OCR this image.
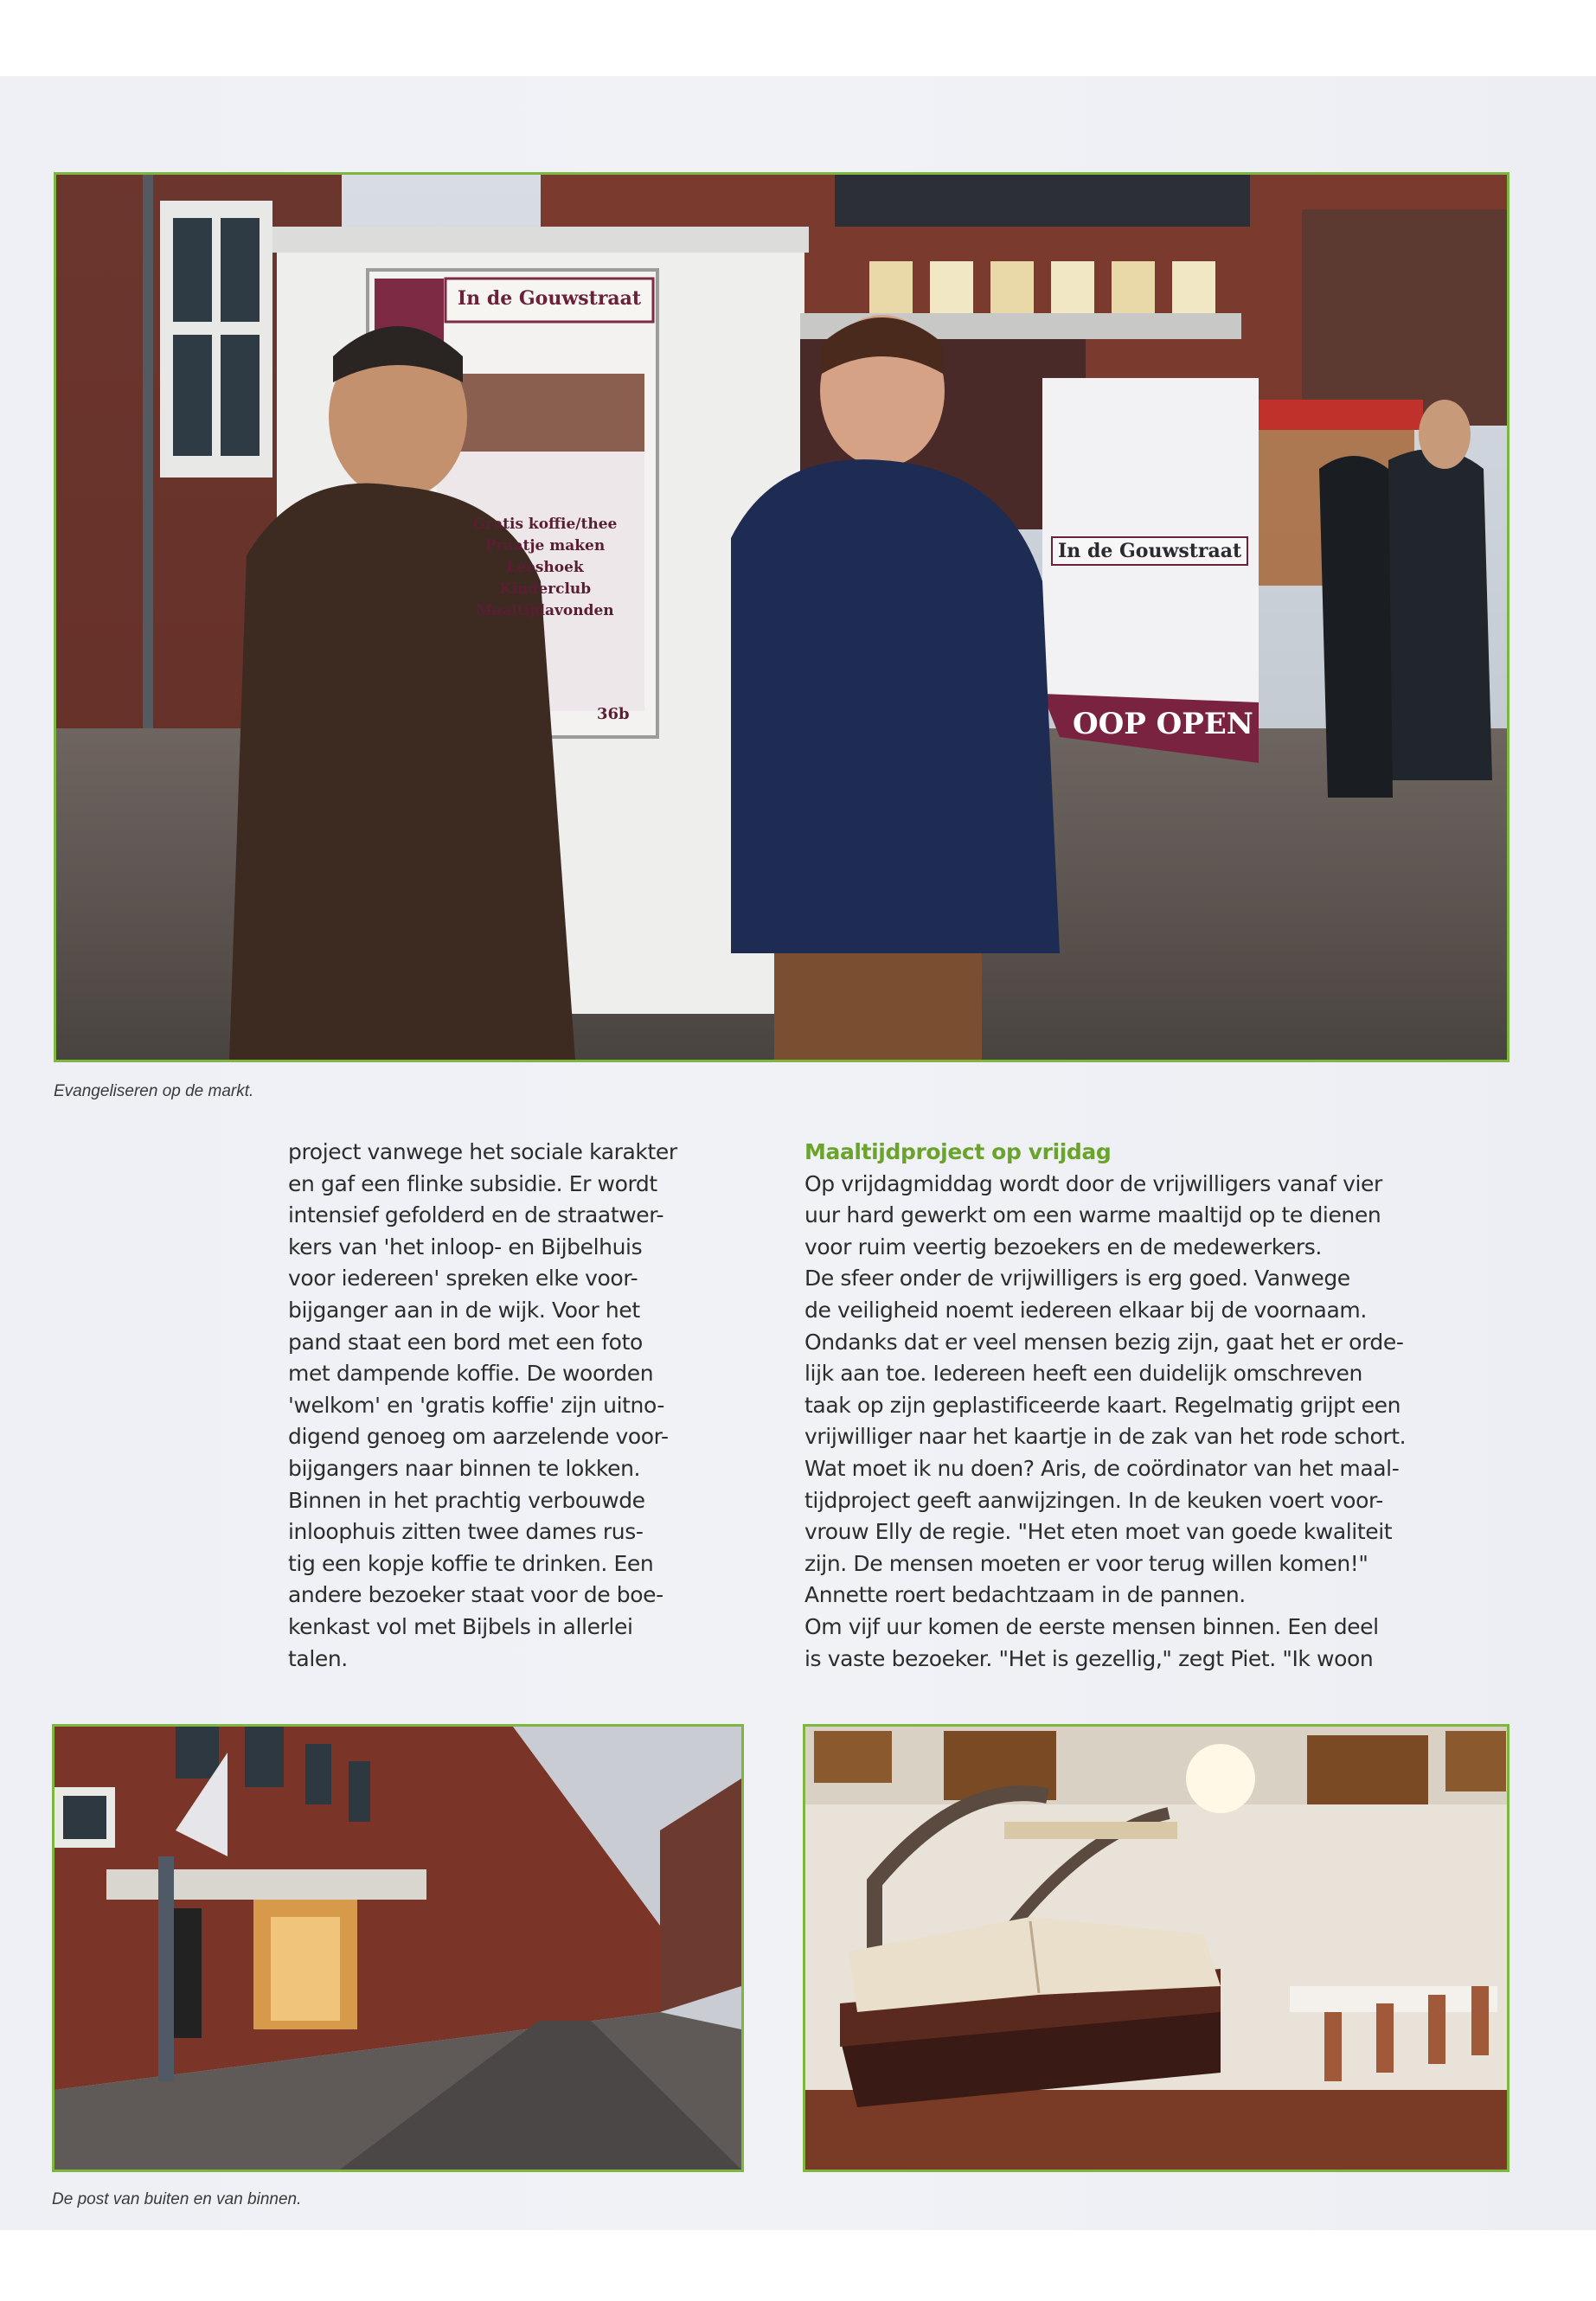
In de Gouwstraat
Gratis koffie/thee
Praatje maken
Leeshoek
Kinderclub
Maaltijdavonden
36b
In de Gouwstraat
OOP OPEN

Evangeliseren op de markt.

project vanwege het sociale karakter
en gaf een flinke subsidie. Er wordt
intensief gefolderd en de straatwer-
kers van 'het inloop- en Bijbelhuis
voor iedereen' spreken elke voor-
bijganger aan in de wijk. Voor het
pand staat een bord met een foto
met dampende koffie. De woorden
'welkom' en 'gratis koffie' zijn uitno-
digend genoeg om aarzelende voor-
bijgangers naar binnen te lokken.
Binnen in het prachtig verbouwde
inloophuis zitten twee dames rus-
tig een kopje koffie te drinken. Een
andere bezoeker staat voor de boe-
kenkast vol met Bijbels in allerlei
talen.
Maaltijdproject op vrijdag
Op vrijdagmiddag wordt door de vrijwilligers vanaf vier
uur hard gewerkt om een warme maaltijd op te dienen
voor ruim veertig bezoekers en de medewerkers.
De sfeer onder de vrijwilligers is erg goed. Vanwege
de veiligheid noemt iedereen elkaar bij de voornaam.
Ondanks dat er veel mensen bezig zijn, gaat het er orde-
lijk aan toe. Iedereen heeft een duidelijk omschreven
taak op zijn geplastificeerde kaart. Regelmatig grijpt een
vrijwilliger naar het kaartje in de zak van het rode schort.
Wat moet ik nu doen? Aris, de coördinator van het maal-
tijdproject geeft aanwijzingen. In de keuken voert voor-
vrouw Elly de regie. "Het eten moet van goede kwaliteit
zijn. De mensen moeten er voor terug willen komen!"
Annette roert bedachtzaam in de pannen.
Om vijf uur komen de eerste mensen binnen. Een deel
is vaste bezoeker. "Het is gezellig," zegt Piet. "Ik woon

De post van buiten en van binnen.
